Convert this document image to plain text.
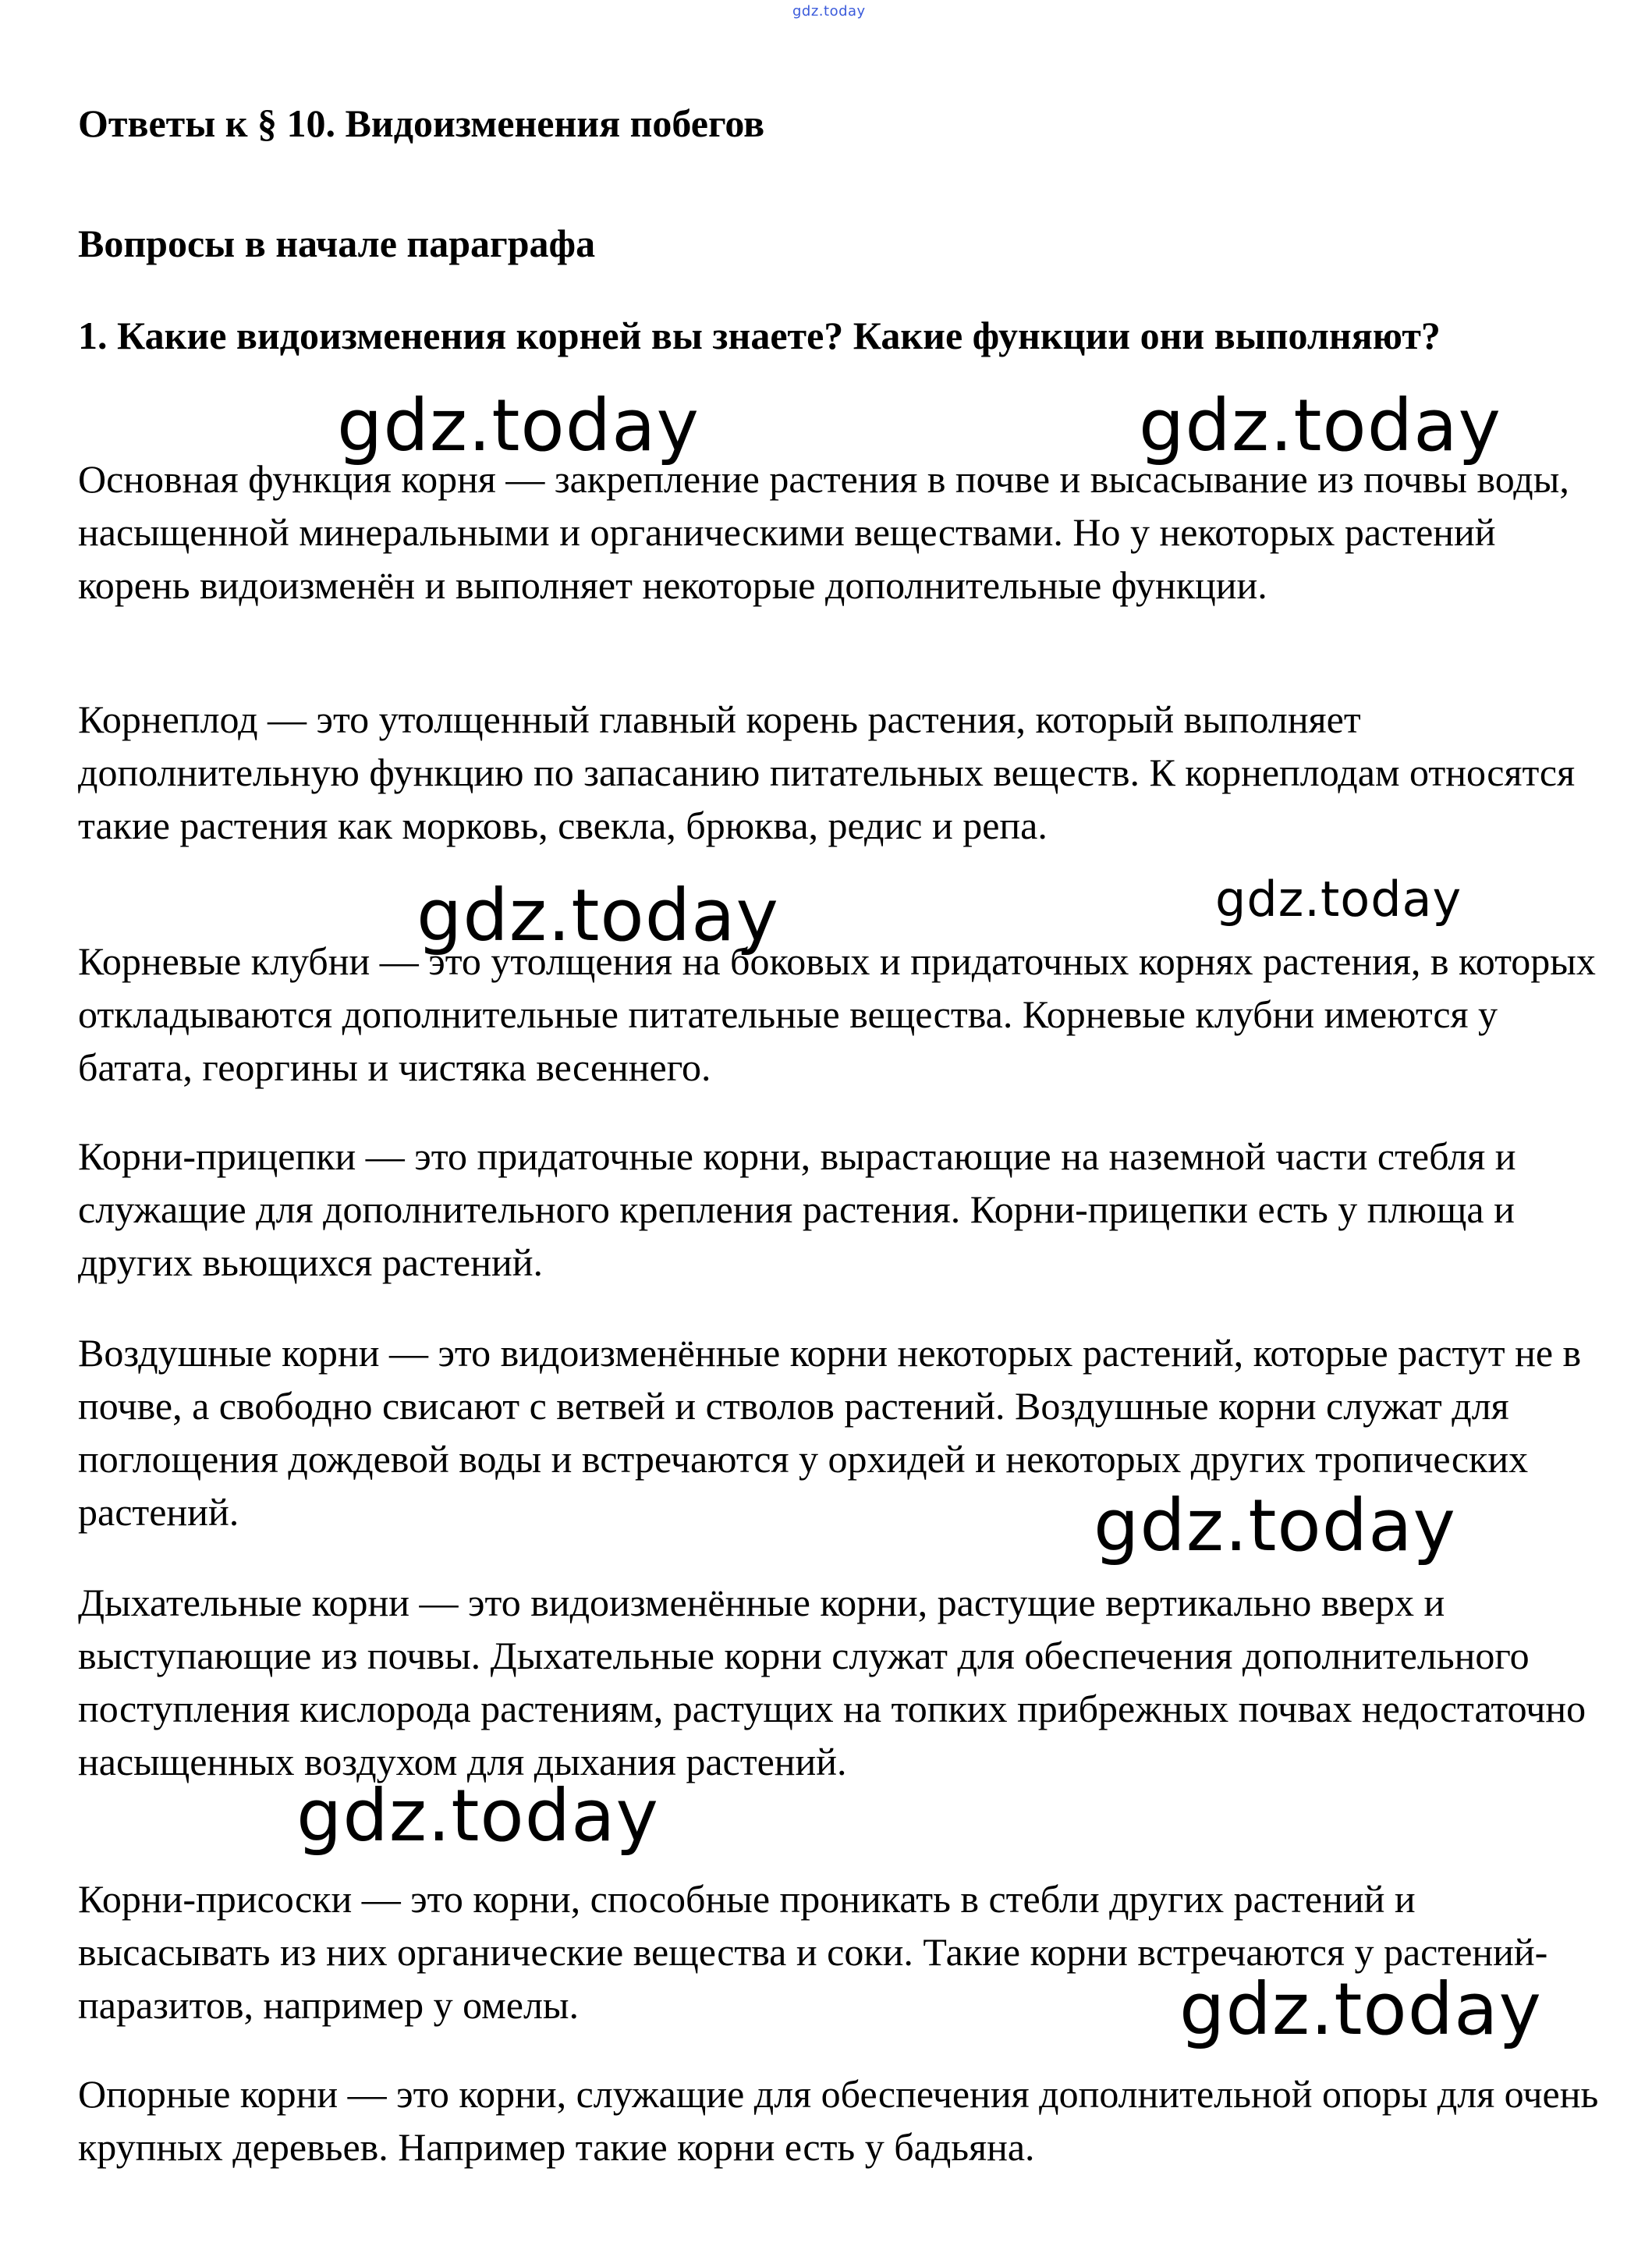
gdz.today
Ответы к § 10. Видоизменения побегов
Вопросы в начале параграфа

1. Какие видоизменения корней вы знаете? Какие функции они выполняют?

Основная функция корня — закрепление растения в почве и высасывание из почвы воды, насыщенной минеральными и органическими веществами. Но у некоторых растений корень видоизменён и выполняет некоторые дополнительные функции.

Корнеплод — это утолщенный главный корень растения, который выполняет дополнительную функцию по запасанию питательных веществ. К корнеплодам относятся такие растения как морковь, свекла, брюква, редис и репа.

Корневые клубни — это утолщения на боковых и придаточных корнях растения, в которых откладываются дополнительные питательные вещества. Корневые клубни имеются у батата, георгины и чистяка весеннего.

Корни-прицепки — это придаточные корни, вырастающие на наземной части стебля и служащие для дополнительного крепления растения. Корни-прицепки есть у плюща и других вьющихся растений.

Воздушные корни — это видоизменённые корни некоторых растений, которые растут не в почве, а свободно свисают с ветвей и стволов растений. Воздушные корни служат для поглощения дождевой воды и встречаются у орхидей и некоторых других тропических растений.

Дыхательные корни — это видоизменённые корни, растущие вертикально вверх и выступающие из почвы. Дыхательные корни служат для обеспечения дополнительного поступления кислорода растениям, растущих на топких прибрежных почвах недостаточно насыщенных воздухом для дыхания растений.

Корни-присоски — это корни, способные проникать в стебли других растений и высасывать из них органические вещества и соки. Такие корни встречаются у растений-паразитов, например у омелы.

Опорные корни — это корни, служащие для обеспечения дополнительной опоры для очень крупных деревьев. Например такие корни есть у бадьяна.

gdz.today	gdz.today
gdz.today	gdz.today
gdz.today
gdz.today
gdz.today
